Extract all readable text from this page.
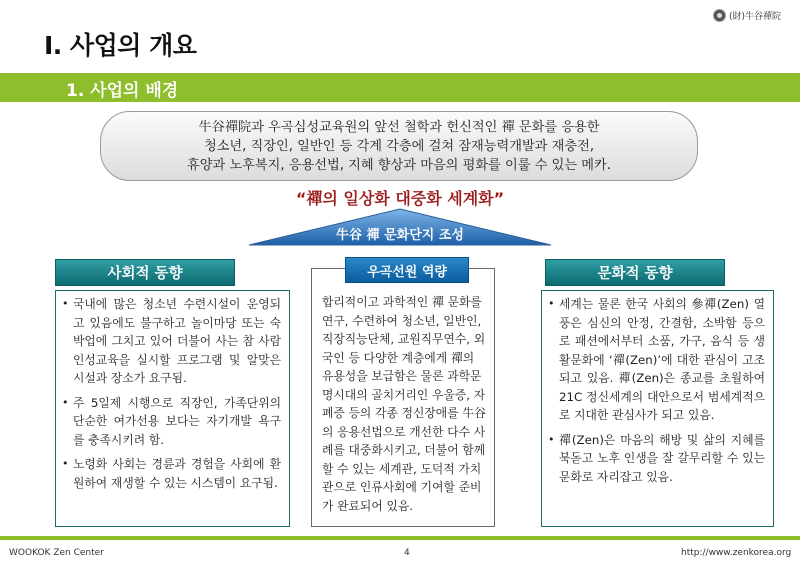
(財)牛谷禪院
I. 사업의 개요
1. 사업의 배경
牛谷禪院과 우곡심성교육원의 앞선 철학과 헌신적인 禪 문화를 응용한
청소년, 직장인, 일반인 등 각계 각층에 걸쳐 잠재능력개발과 재충전,
휴양과 노후복지, 응용선법, 지혜 향상과 마음의 평화를 이룰 수 있는 메카.
“禪의 일상화 대중화 세계화”
牛谷 禪 문화단지 조성
사회적 동향
• 국내에 많은 청소년 수련시설이 운영되고 있음에도 불구하고 놀이마당 또는 숙박업에 그치고 있어 더불어 사는 참 사람 인성교육을 실시할 프로그램 및 알맞은 시설과 장소가 요구됨.
• 주 5일제 시행으로 직장인, 가족단위의 단순한 여가선용 보다는 자기개발 욕구를 충족시키려 함.
• 노령화 사회는 경륜과 경험을 사회에 환원하여 재생할 수 있는 시스템이 요구됨.
합리적이고 과학적인 禪 문화를 연구, 수련하여 청소년, 일반인, 직장직능단체, 교원직무연수, 외국인 등 다양한 계층에게 禪의 유용성을 보급함은 물론 과학문명시대의 골치거리인 우울증, 자폐증 등의 각종 정신장애를 牛谷의 응용선법으로 개선한 다수 사례를 대중화시키고, 더불어 함께할 수 있는 세계관, 도덕적 가치관으로 인류사회에 기여할 준비가 완료되어 있음.
우곡선원 역량	문화적 동향
• 세계는 물론 한국 사회의 參禪(Zen) 열풍은 심신의 안정, 간결함, 소박함 등으로 패션에서부터 소품, 가구, 음식 등 생활문화에 ‘禪(Zen)’에 대한 관심이 고조되고 있음. 禪(Zen)은 종교를 초월하여 21C 정신세계의 대안으로서 범세계적으로 지대한 관심사가 되고 있음.
• 禪(Zen)은 마음의 해방 및 삶의 지혜를 북돋고 노후 인생을 잘 갈무리할 수 있는 문화로 자리잡고 있음.
WOOKOK Zen Center	4	http://www.zenkorea.org
